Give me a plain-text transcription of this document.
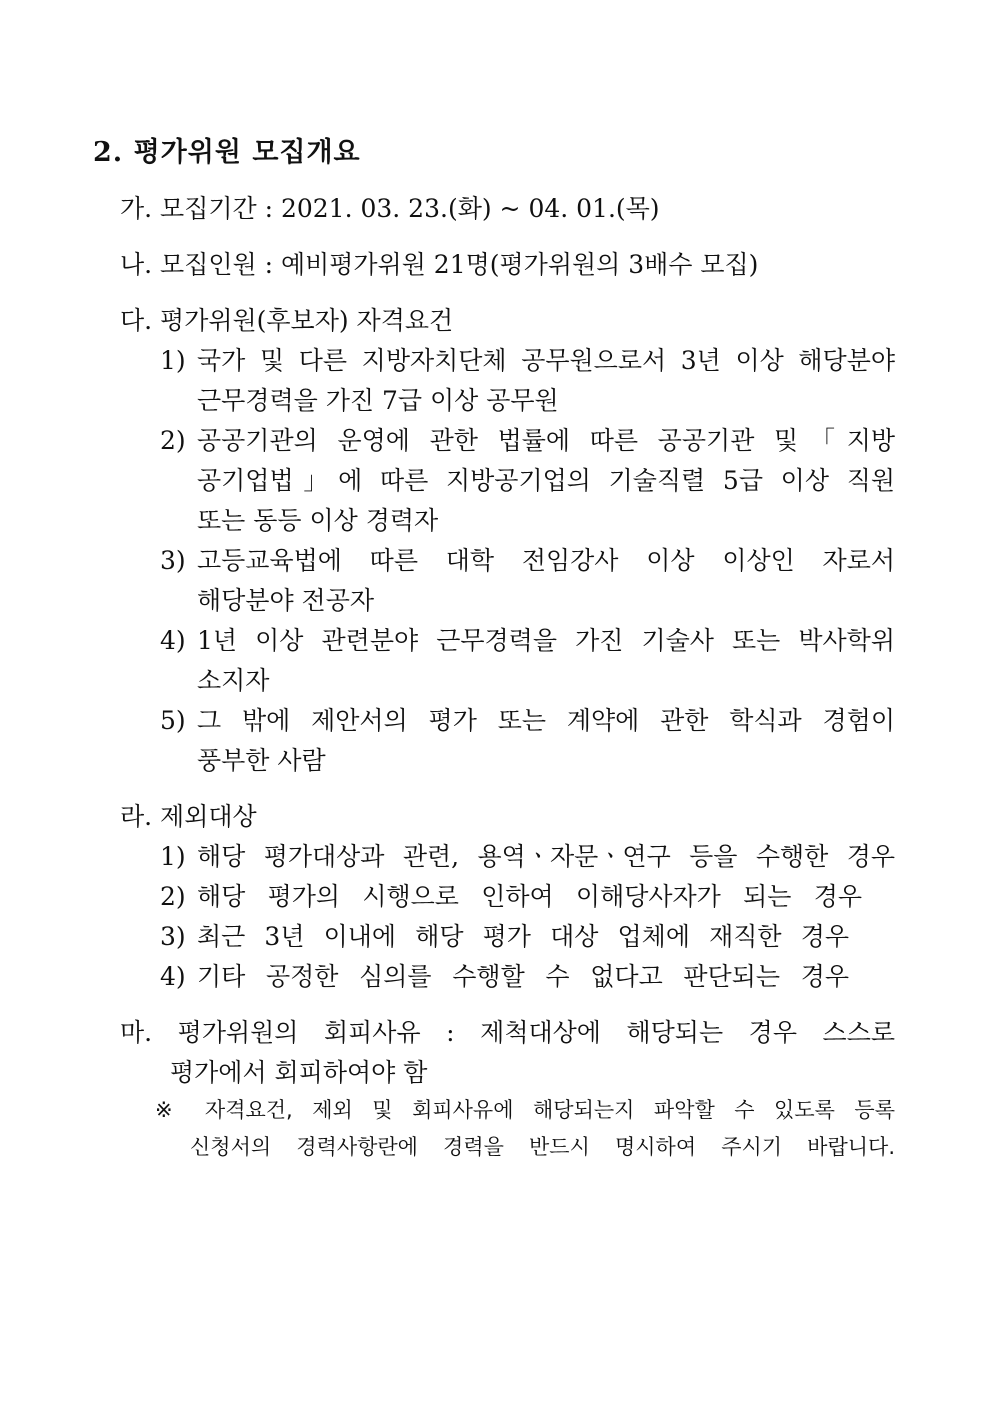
2. 평가위원 모집개요
가. 모집기간 : 2021. 03. 23.(화) ~ 04. 01.(목)
나. 모집인원 : 예비평가위원 21명(평가위원의 3배수 모집)
다. 평가위원(후보자) 자격요건
1) 국가 및 다른 지방자치단체 공무원으로서 3년 이상 해당분야
근무경력을 가진 7급 이상 공무원
2) 공공기관의 운영에 관한 법률에 따른 공공기관 및「지방
공기업법」에 따른 지방공기업의 기술직렬 5급 이상 직원
또는 동등 이상 경력자
3) 고등교육법에 따른 대학 전임강사 이상 이상인 자로서
해당분야 전공자
4) 1년 이상 관련분야 근무경력을 가진 기술사 또는 박사학위
소지자
5) 그 밖에 제안서의 평가 또는 계약에 관한 학식과 경험이
풍부한 사람
라. 제외대상
1) 해당 평가대상과 관련, 용역ㆍ자문ㆍ연구 등을 수행한 경우
2) 해당 평가의 시행으로 인하여 이해당사자가 되는 경우
3) 최근 3년 이내에 해당 평가 대상 업체에 재직한 경우
4) 기타 공정한 심의를 수행할 수 없다고 판단되는 경우
마. 평가위원의 회피사유 : 제척대상에 해당되는 경우 스스로
평가에서 회피하여야 함
※ 자격요건, 제외 및 회피사유에 해당되는지 파악할 수 있도록 등록
신청서의 경력사항란에 경력을 반드시 명시하여 주시기 바랍니다.
